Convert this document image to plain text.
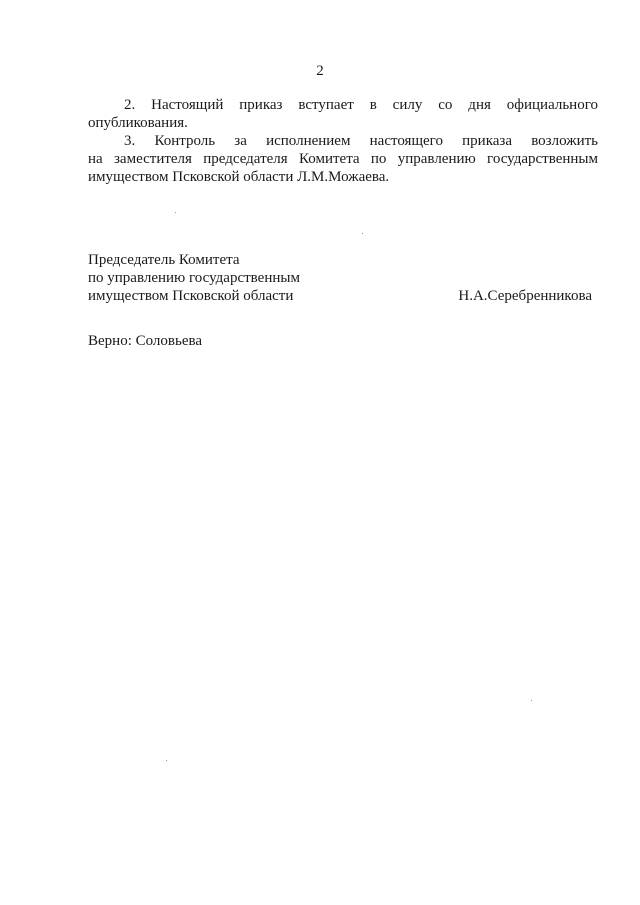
2

2. Настоящий приказ вступает в силу со дня официального
опубликования.

3. Контроль за исполнением настоящего приказа возложить
на заместителя председателя Комитета по управлению государственным имуществом Псковской области Л.М.Можаева.

Председатель Комитета
по управлению государственным
имуществом Псковской области	Н.А.Серебренникова
Верно: Соловьева
